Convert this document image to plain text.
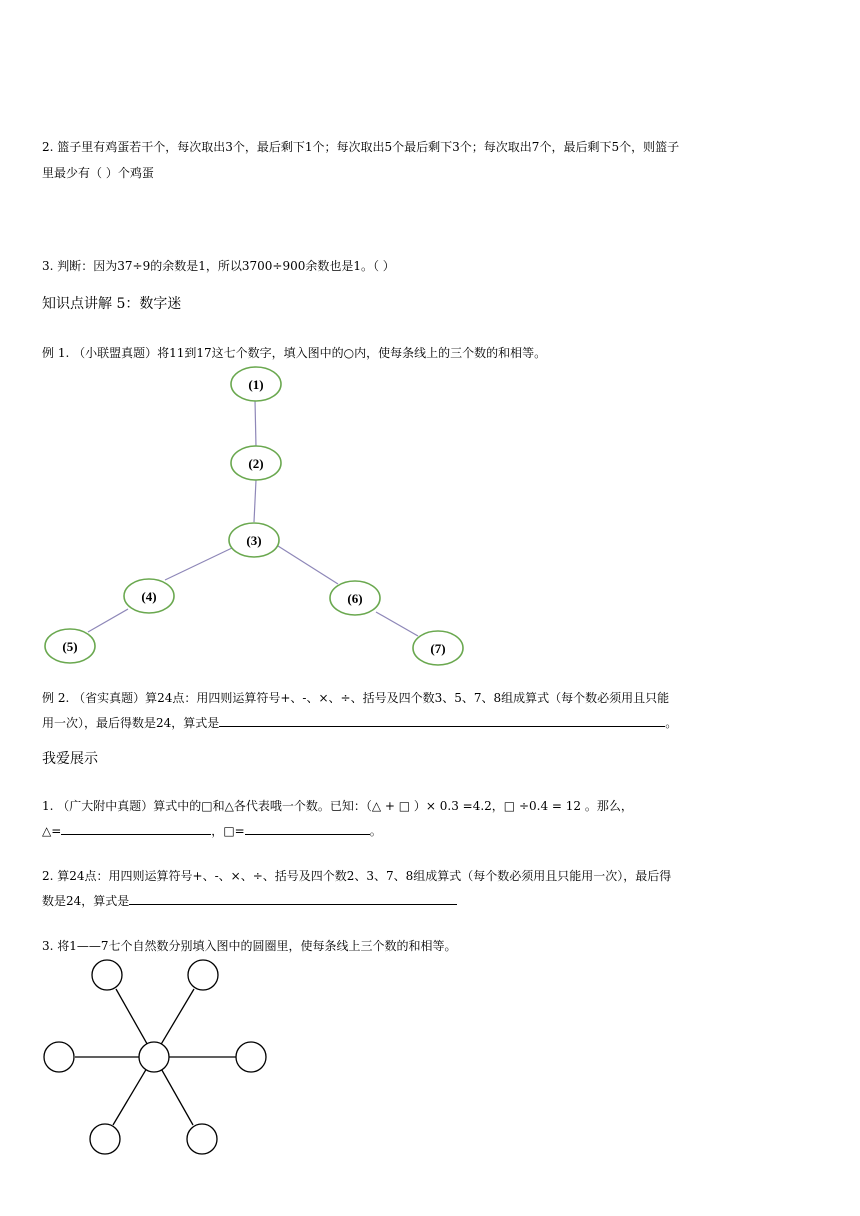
2. 篮子里有鸡蛋若干个，每次取出3个，最后剩下1个；每次取出5个最后剩下3个；每次取出7个，最后剩下5个，则篮子
里最少有（ ）个鸡蛋
3. 判断：因为37÷9的余数是1，所以3700÷900余数也是1。（ ）
知识点讲解 5：数字迷
例 1. （小联盟真题）将11到17这七个数字，填入图中的○内，使每条线上的三个数的和相等。
(1)
(2)
(3)
(4)	(6)
(5)	(7)
例 2. （省实真题）算24点：用四则运算符号+、-、×、÷、括号及四个数3、5、7、8组成算式（每个数必须用且只能
用一次），最后得数是24，算式是	。
我爱展示
1. （广大附中真题）算式中的□和△各代表哦一个数。已知：（△ + □ ）× 0.3 =4.2，□ ÷0.4 = 12 。那么，
△=	，□=	。
2. 算24点：用四则运算符号+、-、×、÷、括号及四个数2、3、7、8组成算式（每个数必须用且只能用一次），最后得
数是24，算式是
3. 将1——7七个自然数分别填入图中的圆圈里，使每条线上三个数的和相等。
